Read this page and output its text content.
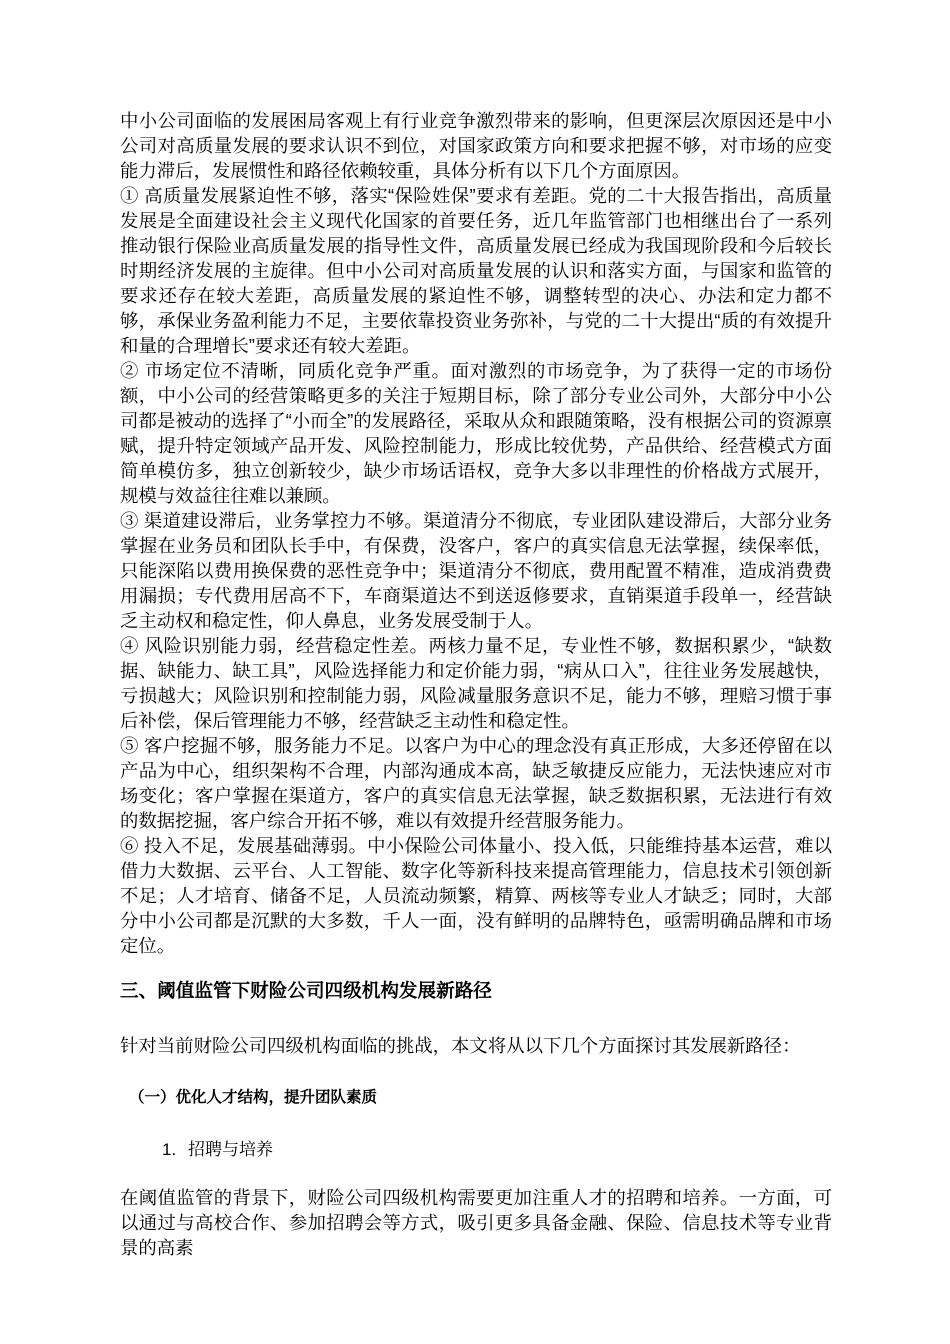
中小公司面临的发展困局客观上有行业竞争激烈带来的影响，但更深层次原因还是中小公司对高质量发展的要求认识不到位，对国家政策方向和要求把握不够，对市场的应变能力滞后，发展惯性和路径依赖较重，具体分析有以下几个方面原因。

① 高质量发展紧迫性不够，落实“保险姓保”要求有差距。党的二十大报告指出，高质量发展是全面建设社会主义现代化国家的首要任务，近几年监管部门也相继出台了一系列推动银行保险业高质量发展的指导性文件，高质量发展已经成为我国现阶段和今后较长时期经济发展的主旋律。但中小公司对高质量发展的认识和落实方面，与国家和监管的要求还存在较大差距，高质量发展的紧迫性不够，调整转型的决心、办法和定力都不够，承保业务盈利能力不足，主要依靠投资业务弥补，与党的二十大提出“质的有效提升和量的合理增长”要求还有较大差距。

② 市场定位不清晰，同质化竞争严重。面对激烈的市场竞争，为了获得一定的市场份额，中小公司的经营策略更多的关注于短期目标，除了部分专业公司外，大部分中小公司都是被动的选择了“小而全”的发展路径，采取从众和跟随策略，没有根据公司的资源禀赋，提升特定领域产品开发、风险控制能力，形成比较优势，产品供给、经营模式方面简单模仿多，独立创新较少，缺少市场话语权，竞争大多以非理性的价格战方式展开，规模与效益往往难以兼顾。

③ 渠道建设滞后，业务掌控力不够。渠道清分不彻底，专业团队建设滞后，大部分业务掌握在业务员和团队长手中，有保费，没客户，客户的真实信息无法掌握，续保率低，只能深陷以费用换保费的恶性竞争中；渠道清分不彻底，费用配置不精准，造成消费费用漏损；专代费用居高不下，车商渠道达不到送返修要求，直销渠道手段单一，经营缺乏主动权和稳定性，仰人鼻息，业务发展受制于人。

④ 风险识别能力弱，经营稳定性差。两核力量不足，专业性不够，数据积累少，“缺数据、缺能力、缺工具”，风险选择能力和定价能力弱，“病从口入”，往往业务发展越快，亏损越大；风险识别和控制能力弱，风险减量服务意识不足，能力不够，理赔习惯于事后补偿，保后管理能力不够，经营缺乏主动性和稳定性。

⑤ 客户挖掘不够，服务能力不足。以客户为中心的理念没有真正形成，大多还停留在以产品为中心，组织架构不合理，内部沟通成本高，缺乏敏捷反应能力，无法快速应对市场变化；客户掌握在渠道方，客户的真实信息无法掌握，缺乏数据积累，无法进行有效的数据挖掘，客户综合开拓不够，难以有效提升经营服务能力。

⑥ 投入不足，发展基础薄弱。中小保险公司体量小、投入低，只能维持基本运营，难以借力大数据、云平台、人工智能、数字化等新科技来提高管理能力，信息技术引领创新不足；人才培育、储备不足，人员流动频繁，精算、两核等专业人才缺乏；同时，大部分中小公司都是沉默的大多数，千人一面，没有鲜明的品牌特色，亟需明确品牌和市场定位。

三、阈值监管下财险公司四级机构发展新路径

针对当前财险公司四级机构面临的挑战，本文将从以下几个方面探讨其发展新路径：

（一）优化人才结构，提升团队素质
1. 招聘与培养

在阈值监管的背景下，财险公司四级机构需要更加注重人才的招聘和培养。一方面，可以通过与高校合作、参加招聘会等方式，吸引更多具备金融、保险、信息技术等专业背景的高素
